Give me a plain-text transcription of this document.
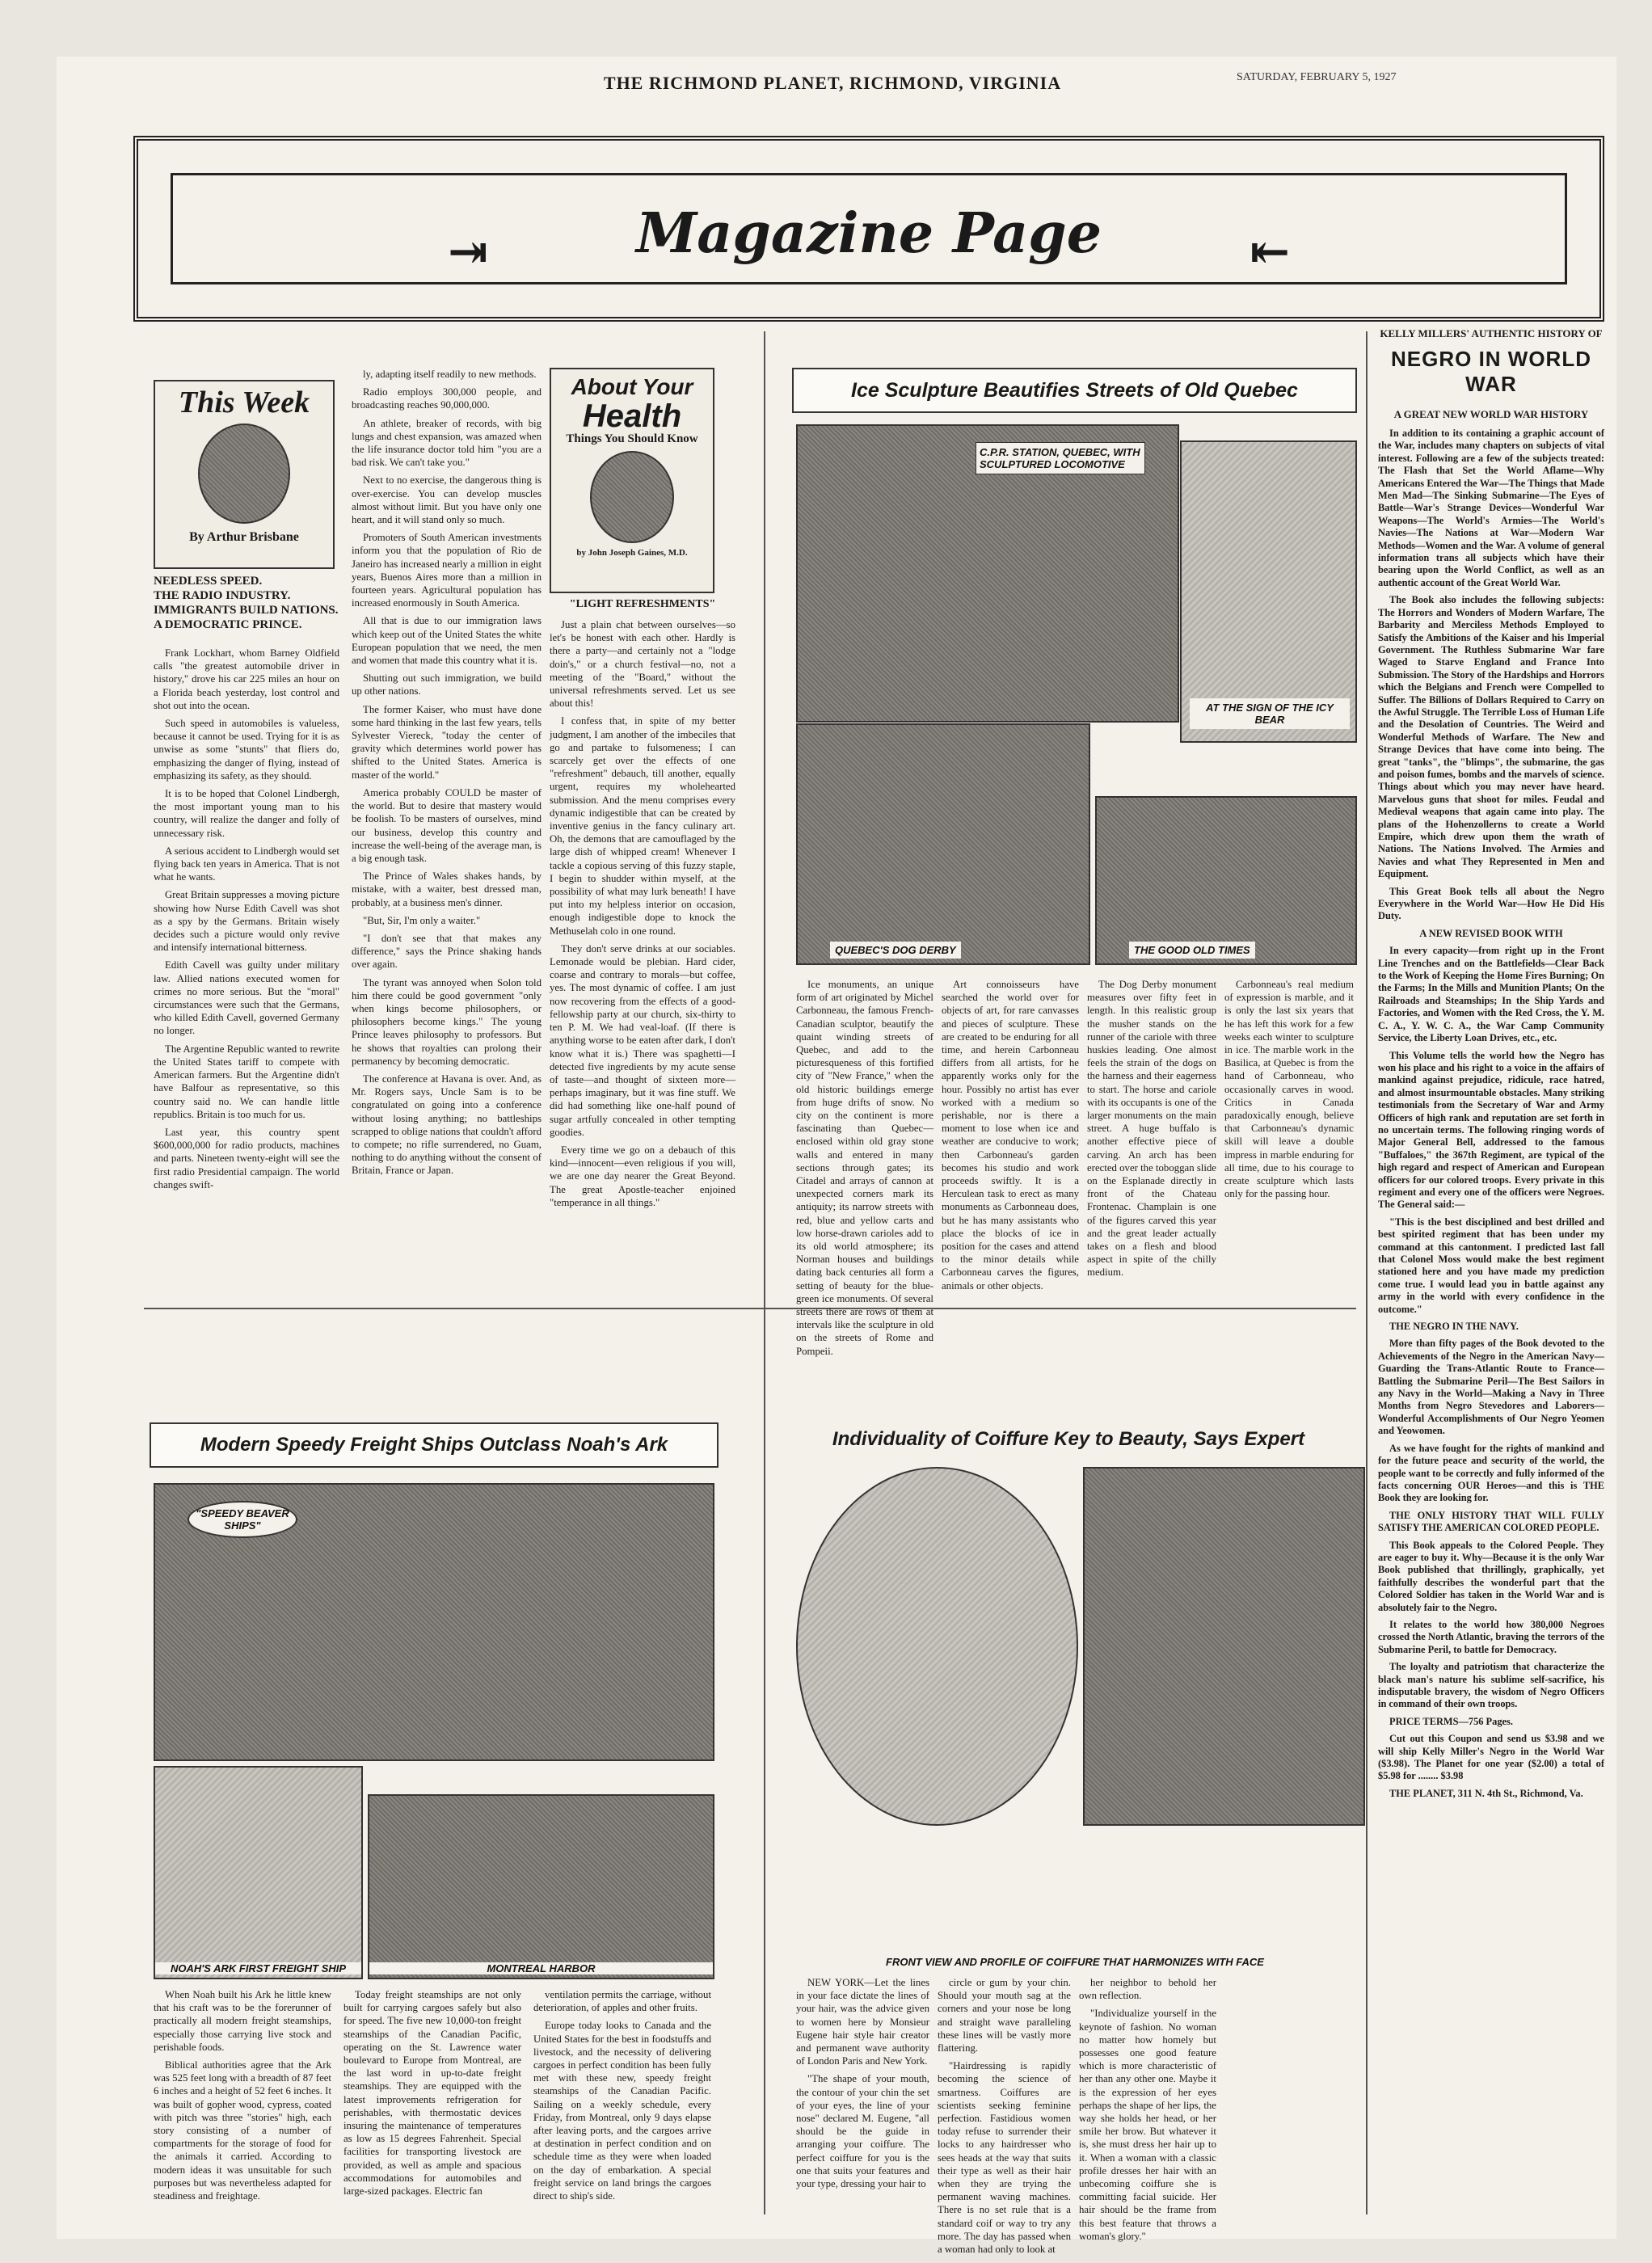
THE RICHMOND PLANET, RICHMOND, VIRGINIA	SATURDAY, FEBRUARY 5, 1927
⇥	Magazine Page	⇤
This Week
By Arthur Brisbane
NEEDLESS SPEED.
THE RADIO INDUSTRY.
IMMIGRANTS BUILD NATIONS.
A DEMOCRATIC PRINCE.

Frank Lockhart, whom Barney Oldfield calls "the greatest automobile driver in history," drove his car 225 miles an hour on a Florida beach yesterday, lost control and shot out into the ocean.

Such speed in automobiles is valueless, because it cannot be used. Trying for it is as unwise as some "stunts" that fliers do, emphasizing the danger of flying, instead of emphasizing its safety, as they should.

It is to be hoped that Colonel Lindbergh, the most important young man to his country, will realize the danger and folly of unnecessary risk.

A serious accident to Lindbergh would set flying back ten years in America. That is not what he wants.

Great Britain suppresses a moving picture showing how Nurse Edith Cavell was shot as a spy by the Germans. Britain wisely decides such a picture would only revive and intensify international bitterness.

Edith Cavell was guilty under military law. Allied nations executed women for crimes no more serious. But the "moral" circumstances were such that the Germans, who killed Edith Cavell, governed Germany no longer.

The Argentine Republic wanted to rewrite the United States tariff to compete with American farmers. But the Argentine didn't have Balfour as representative, so this country said no. We can handle little republics. Britain is too much for us.

Last year, this country spent $600,000,000 for radio products, machines and parts. Nineteen twenty-eight will see the first radio Presidential campaign. The world changes swift-

ly, adapting itself readily to new methods.

Radio employs 300,000 people, and broadcasting reaches 90,000,000.

An athlete, breaker of records, with big lungs and chest expansion, was amazed when the life insurance doctor told him "you are a bad risk. We can't take you."

Next to no exercise, the dangerous thing is over-exercise. You can develop muscles almost without limit. But you have only one heart, and it will stand only so much.

Promoters of South American investments inform you that the population of Rio de Janeiro has increased nearly a million in eight years, Buenos Aires more than a million in fourteen years. Agricultural population has increased enormously in South America.

All that is due to our immigration laws which keep out of the United States the white European population that we need, the men and women that made this country what it is.

Shutting out such immigration, we build up other nations.

The former Kaiser, who must have done some hard thinking in the last few years, tells Sylvester Viereck, "today the center of gravity which determines world power has shifted to the United States. America is master of the world."

America probably COULD be master of the world. But to desire that mastery would be foolish. To be masters of ourselves, mind our business, develop this country and increase the well-being of the average man, is a big enough task.

The Prince of Wales shakes hands, by mistake, with a waiter, best dressed man, probably, at a business men's dinner.

"But, Sir, I'm only a waiter."

"I don't see that that makes any difference," says the Prince shaking hands over again.

The tyrant was annoyed when Solon told him there could be good government "only when kings become philosophers, or philosophers become kings." The young Prince leaves philosophy to professors. But he shows that royalties can prolong their permanency by becoming democratic.

The conference at Havana is over. And, as Mr. Rogers says, Uncle Sam is to be congratulated on going into a conference without losing anything; no battleships scrapped to oblige nations that couldn't afford to compete; no rifle surrendered, no Guam, nothing to do anything without the consent of Britain, France or Japan.

About Your
Health
Things You Should Know
by John Joseph Gaines, M.D.
"LIGHT REFRESHMENTS"

Just a plain chat between ourselves—so let's be honest with each other. Hardly is there a party—and certainly not a "lodge doin's," or a church festival—no, not a meeting of the "Board," without the universal refreshments served. Let us see about this!

I confess that, in spite of my better judgment, I am another of the imbeciles that go and partake to fulsomeness; I can scarcely get over the effects of one "refreshment" debauch, till another, equally urgent, requires my wholehearted submission. And the menu comprises every dynamic indigestible that can be created by inventive genius in the fancy culinary art. Oh, the demons that are camouflaged by the large dish of whipped cream! Whenever I tackle a copious serving of this fuzzy staple, I begin to shudder within myself, at the possibility of what may lurk beneath! I have put into my helpless interior on occasion, enough indigestible dope to knock the Methuselah colo in one round.

They don't serve drinks at our sociables. Lemonade would be plebian. Hard cider, coarse and contrary to morals—but coffee, yes. The most dynamic of coffee. I am just now recovering from the effects of a good-fellowship party at our church, six-thirty to ten P. M. We had veal-loaf. (If there is anything worse to be eaten after dark, I don't know what it is.) There was spaghetti—I detected five ingredients by my acute sense of taste—and thought of sixteen more—perhaps imaginary, but it was fine stuff. We did had something like one-half pound of sugar artfully concealed in other tempting goodies.

Every time we go on a debauch of this kind—innocent—even religious if you will, we are one day nearer the Great Beyond. The great Apostle-teacher enjoined "temperance in all things."

Ice Sculpture Beautifies Streets of Old Quebec
C.P.R. STATION, QUEBEC, WITH SCULPTURED LOCOMOTIVE
AT THE SIGN OF THE ICY BEAR
QUEBEC'S DOG DERBY	THE GOOD OLD TIMES

Ice monuments, an unique form of art originated by Michel Carbonneau, the famous French-Canadian sculptor, beautify the quaint winding streets of Quebec, and add to the picturesqueness of this fortified city of "New France," when the old historic buildings emerge from huge drifts of snow. No city on the continent is more fascinating than Quebec—enclosed within old gray stone walls and entered in many sections through gates; its Citadel and arrays of cannon at unexpected corners mark its antiquity; its narrow streets with red, blue and yellow carts and low horse-drawn carioles add to its old world atmosphere; its Norman houses and buildings dating back centuries all form a setting of beauty for the blue-green ice monuments. Of several streets there are rows of them at intervals like the sculpture in old on the streets of Rome and Pompeii.

Art connoisseurs have searched the world over for objects of art, for rare canvasses and pieces of sculpture. These are created to be enduring for all time, and herein Carbonneau differs from all artists, for he apparently works only for the hour. Possibly no artist has ever worked with a medium so perishable, nor is there a moment to lose when ice and weather are conducive to work; then Carbonneau's garden becomes his studio and work proceeds swiftly. It is a Herculean task to erect as many monuments as Carbonneau does, but he has many assistants who place the blocks of ice in position for the cases and attend to the minor details while Carbonneau carves the figures, animals or other objects.

The Dog Derby monument measures over fifty feet in length. In this realistic group the musher stands on the runner of the cariole with three huskies leading. One almost feels the strain of the dogs on the harness and their eagerness to start. The horse and cariole with its occupants is one of the larger monuments on the main street. A huge buffalo is another effective piece of carving. An arch has been erected over the toboggan slide on the Esplanade directly in front of the Chateau Frontenac. Champlain is one of the figures carved this year and the great leader actually takes on a flesh and blood aspect in spite of the chilly medium.

Carbonneau's real medium of expression is marble, and it is only the last six years that he has left this work for a few weeks each winter to sculpture in ice. The marble work in the Basilica, at Quebec is from the hand of Carbonneau, who occasionally carves in wood. Critics in Canada paradoxically enough, believe that Carbonneau's dynamic skill will leave a double impress in marble enduring for all time, due to his courage to create sculpture which lasts only for the passing hour.

Modern Speedy Freight Ships Outclass Noah's Ark
"SPEEDY BEAVER SHIPS"
NOAH'S ARK FIRST FREIGHT SHIP	MONTREAL HARBOR

When Noah built his Ark he little knew that his craft was to be the forerunner of practically all modern freight steamships, especially those carrying live stock and perishable foods.

Biblical authorities agree that the Ark was 525 feet long with a breadth of 87 feet 6 inches and a height of 52 feet 6 inches. It was built of gopher wood, cypress, coated with pitch was three "stories" high, each story consisting of a number of compartments for the storage of food for the animals it carried. According to modern ideas it was unsuitable for such purposes but was nevertheless adapted for steadiness and freightage.

Today freight steamships are not only built for carrying cargoes safely but also for speed. The five new 10,000-ton freight steamships of the Canadian Pacific, operating on the St. Lawrence water boulevard to Europe from Montreal, are the last word in up-to-date freight steamships. They are equipped with the latest improvements refrigeration for perishables, with thermostatic devices insuring the maintenance of temperatures as low as 15 degrees Fahrenheit. Special facilities for transporting livestock are provided, as well as ample and spacious accommodations for automobiles and large-sized packages. Electric fan

ventilation permits the carriage, without deterioration, of apples and other fruits.

Europe today looks to Canada and the United States for the best in foodstuffs and livestock, and the necessity of delivering cargoes in perfect condition has been fully met with these new, speedy freight steamships of the Canadian Pacific. Sailing on a weekly schedule, every Friday, from Montreal, only 9 days elapse after leaving ports, and the cargoes arrive at destination in perfect condition and on schedule time as they were when loaded on the day of embarkation. A special freight service on land brings the cargoes direct to ship's side.

Individuality of Coiffure Key to Beauty, Says Expert
FRONT VIEW AND PROFILE OF COIFFURE THAT HARMONIZES WITH FACE

NEW YORK—Let the lines in your face dictate the lines of your hair, was the advice given to women here by Monsieur Eugene hair style hair creator and permanent wave authority of London Paris and New York.

"The shape of your mouth, the contour of your chin the set of your eyes, the line of your nose" declared M. Eugene, "all should be the guide in arranging your coiffure. The perfect coiffure for you is the one that suits your features and your type, dressing your hair to

circle or gum by your chin. Should your mouth sag at the corners and your nose be long and straight wave paralleling these lines will be vastly more flattering.

"Hairdressing is rapidly becoming the science of smartness. Coiffures are scientists seeking feminine perfection. Fastidious women today refuse to surrender their locks to any hairdresser who sees heads at the way that suits their type as well as their hair when they are trying the permanent waving machines. There is no set rule that is a standard coif or way to try any more. The day has passed when a woman had only to look at

her neighbor to behold her own reflection.

"Individualize yourself in the keynote of fashion. No woman no matter how homely but possesses one good feature which is more characteristic of her than any other one. Maybe it is the expression of her eyes perhaps the shape of her lips, the way she holds her head, or her smile her brow. But whatever it is, she must dress her hair up to it. When a woman with a classic profile dresses her hair with an unbecoming coiffure she is committing facial suicide. Her hair should be the frame from this best feature that throws a woman's glory."

KELLY MILLERS' AUTHENTIC HISTORY OF
NEGRO IN WORLD WAR
A GREAT NEW WORLD WAR HISTORY

In addition to its containing a graphic account of the War, includes many chapters on subjects of vital interest. Following are a few of the subjects treated: The Flash that Set the World Aflame—Why Americans Entered the War—The Things that Made Men Mad—The Sinking Submarine—The Eyes of Battle—War's Strange Devices—Wonderful War Weapons—The World's Armies—The World's Navies—The Nations at War—Modern War Methods—Women and the War. A volume of general information trans all subjects which have their bearing upon the World Conflict, as well as an authentic account of the Great World War.

The Book also includes the following subjects: The Horrors and Wonders of Modern Warfare, The Barbarity and Merciless Methods Employed to Satisfy the Ambitions of the Kaiser and his Imperial Government. The Ruthless Submarine War fare Waged to Starve England and France Into Submission. The Story of the Hardships and Horrors which the Belgians and French were Compelled to Suffer. The Billions of Dollars Required to Carry on the Awful Struggle. The Terrible Loss of Human Life and the Desolation of Countries. The Weird and Wonderful Methods of Warfare. The New and Strange Devices that have come into being. The great "tanks", the "blimps", the submarine, the gas and poison fumes, bombs and the marvels of science. Things about which you may never have heard. Marvelous guns that shoot for miles. Feudal and Medieval weapons that again came into play. The plans of the Hohenzollerns to create a World Empire, which drew upon them the wrath of Nations. The Nations Involved. The Armies and Navies and what They Represented in Men and Equipment.

This Great Book tells all about the Negro Everywhere in the World War—How He Did His Duty.

A NEW REVISED BOOK WITH

In every capacity—from right up in the Front Line Trenches and on the Battlefields—Clear Back to the Work of Keeping the Home Fires Burning; On the Farms; In the Mills and Munition Plants; On the Railroads and Steamships; In the Ship Yards and Factories, and Women with the Red Cross, the Y. M. C. A., Y. W. C. A., the War Camp Community Service, the Liberty Loan Drives, etc., etc.

This Volume tells the world how the Negro has won his place and his right to a voice in the affairs of mankind against prejudice, ridicule, race hatred, and almost insurmountable obstacles. Many striking testimonials from the Secretary of War and Army Officers of high rank and reputation are set forth in no uncertain terms. The following ringing words of Major General Bell, addressed to the famous "Buffaloes," the 367th Regiment, are typical of the high regard and respect of American and European officers for our colored troops. Every private in this regiment and every one of the officers were Negroes. The General said:—

"This is the best disciplined and best drilled and best spirited regiment that has been under my command at this cantonment. I predicted last fall that Colonel Moss would make the best regiment stationed here and you have made my prediction come true. I would lead you in battle against any army in the world with every confidence in the outcome."

THE NEGRO IN THE NAVY.

More than fifty pages of the Book devoted to the Achievements of the Negro in the American Navy—Guarding the Trans-Atlantic Route to France—Battling the Submarine Peril—The Best Sailors in any Navy in the World—Making a Navy in Three Months from Negro Stevedores and Laborers—Wonderful Accomplishments of Our Negro Yeomen and Yeowomen.

As we have fought for the rights of mankind and for the future peace and security of the world, the people want to be correctly and fully informed of the facts concerning OUR Heroes—and this is THE Book they are looking for.

THE ONLY HISTORY THAT WILL FULLY SATISFY THE AMERICAN COLORED PEOPLE.

This Book appeals to the Colored People. They are eager to buy it. Why—Because it is the only War Book published that thrillingly, graphically, yet faithfully describes the wonderful part that the Colored Soldier has taken in the World War and is absolutely fair to the Negro.

It relates to the world how 380,000 Negroes crossed the North Atlantic, braving the terrors of the Submarine Peril, to battle for Democracy.

The loyalty and patriotism that characterize the black man's nature his sublime self-sacrifice, his indisputable bravery, the wisdom of Negro Officers in command of their own troops.

PRICE TERMS—756 Pages.

Cut out this Coupon and send us $3.98 and we will ship Kelly Miller's Negro in the World War ($3.98). The Planet for one year ($2.00) a total of $5.98 for ........ $3.98

THE PLANET, 311 N. 4th St., Richmond, Va.
